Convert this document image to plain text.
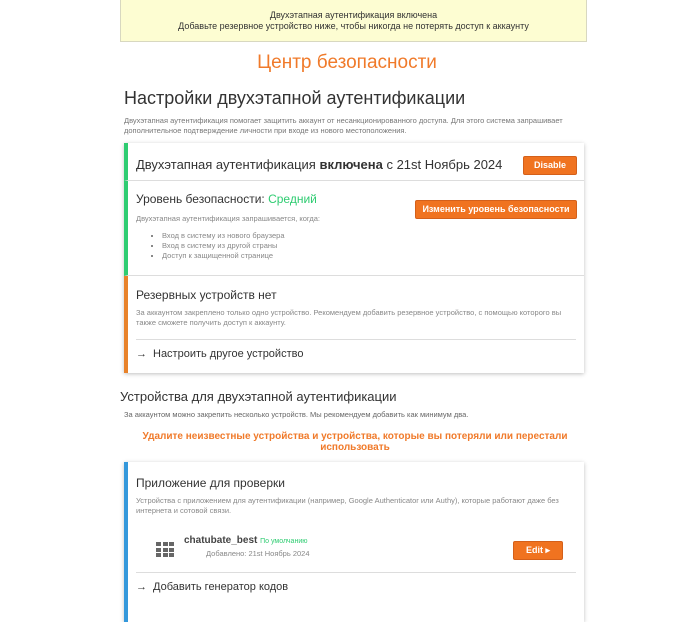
Двухэтапная аутентификация включена
Добавьте резервное устройство ниже, чтобы никогда не потерять доступ к аккаунту
Центр безопасности
Настройки двухэтапной аутентификации
Двухэтапная аутентификация помогает защитить аккаунт от несанкционированного доступа. Для этого система запрашивает дополнительное подтверждение личности при входе из нового местоположения.
Двухэтапная аутентификация включена с 21st Ноябрь 2024	Disable
Уровень безопасности: Средний
Двухэтапная аутентификация запрашивается, когда:
▪ Вход в систему из нового браузера
▪ Вход в систему из другой страны
▪ Доступ к защищенной странице
Изменить уровень безопасности
Резервных устройств нет
За аккаунтом закреплено только одно устройство. Рекомендуем добавить резервное устройство, с помощью которого вы также сможете получить доступ к аккаунту.
→ Настроить другое устройство
Устройства для двухэтапной аутентификации
За аккаунтом можно закрепить несколько устройств. Мы рекомендуем добавить как минимум два.
Удалите неизвестные устройства и устройства, которые вы потеряли или перестали использовать
Приложение для проверки
Устройства с приложением для аутентификации (например, Google Authenticator или Authy), которые работают даже без интернета и сотовой связи.
chatubate_best По умолчанию
Добавлено: 21st Ноябрь 2024	Edit ▸
→ Добавить генератор кодов
